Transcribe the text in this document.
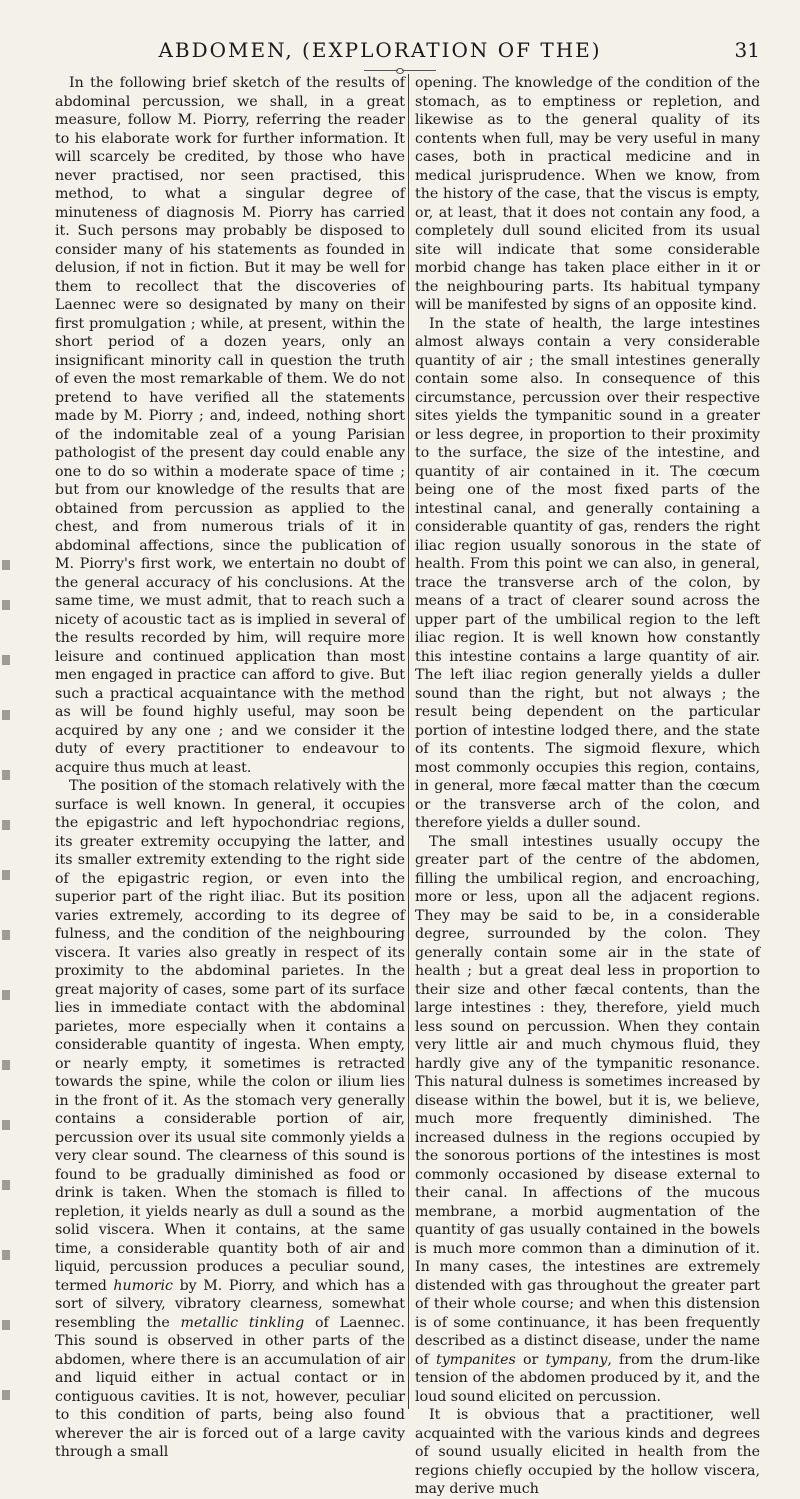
ABDOMEN, (EXPLORATION OF THE)	31

In the following brief sketch of the results of abdominal percussion, we shall, in a great measure, follow M. Piorry, referring the reader to his elaborate work for further information. It will scarcely be credited, by those who have never practised, nor seen practised, this method, to what a singular degree of minuteness of diagnosis M. Piorry has carried it. Such persons may probably be disposed to consider many of his statements as founded in delusion, if not in fiction. But it may be well for them to recollect that the discoveries of Laennec were so designated by many on their first promulgation ; while, at present, within the short period of a dozen years, only an insignificant minority call in question the truth of even the most remarkable of them. We do not pretend to have verified all the statements made by M. Piorry ; and, indeed, nothing short of the indomitable zeal of a young Parisian pathologist of the present day could enable any one to do so within a moderate space of time ; but from our knowledge of the results that are obtained from percussion as applied to the chest, and from numerous trials of it in abdominal affections, since the publication of M. Piorry's first work, we entertain no doubt of the general accuracy of his conclusions. At the same time, we must admit, that to reach such a nicety of acoustic tact as is implied in several of the results recorded by him, will require more leisure and continued application than most men engaged in practice can afford to give. But such a practical acquaintance with the method as will be found highly useful, may soon be acquired by any one ; and we consider it the duty of every practitioner to endeavour to acquire thus much at least.

The position of the stomach relatively with the surface is well known. In general, it occupies the epigastric and left hypochondriac regions, its greater extremity occupying the latter, and its smaller extremity extending to the right side of the epigastric region, or even into the superior part of the right iliac. But its position varies extremely, according to its degree of fulness, and the condition of the neighbouring viscera. It varies also greatly in respect of its proximity to the abdominal parietes. In the great majority of cases, some part of its surface lies in immediate contact with the abdominal parietes, more especially when it contains a considerable quantity of ingesta. When empty, or nearly empty, it sometimes is retracted towards the spine, while the colon or ilium lies in the front of it. As the stomach very generally contains a considerable portion of air, percussion over its usual site commonly yields a very clear sound. The clearness of this sound is found to be gradually diminished as food or drink is taken. When the stomach is filled to repletion, it yields nearly as dull a sound as the solid viscera. When it contains, at the same time, a considerable quantity both of air and liquid, percussion produces a peculiar sound, termed humoric by M. Piorry, and which has a sort of silvery, vibratory clearness, somewhat resembling the metallic tinkling of Laennec. This sound is observed in other parts of the abdomen, where there is an accumulation of air and liquid either in actual contact or in contiguous cavities. It is not, however, peculiar to this condition of parts, being also found wherever the air is forced out of a large cavity through a small

opening. The knowledge of the condition of the stomach, as to emptiness or repletion, and likewise as to the general quality of its contents when full, may be very useful in many cases, both in practical medicine and in medical jurisprudence. When we know, from the history of the case, that the viscus is empty, or, at least, that it does not contain any food, a completely dull sound elicited from its usual site will indicate that some considerable morbid change has taken place either in it or the neighbouring parts. Its habitual tympany will be manifested by signs of an opposite kind.

In the state of health, the large intestines almost always contain a very considerable quantity of air ; the small intestines generally contain some also. In consequence of this circumstance, percussion over their respective sites yields the tympanitic sound in a greater or less degree, in proportion to their proximity to the surface, the size of the intestine, and quantity of air contained in it. The cœcum being one of the most fixed parts of the intestinal canal, and generally containing a considerable quantity of gas, renders the right iliac region usually sonorous in the state of health. From this point we can also, in general, trace the transverse arch of the colon, by means of a tract of clearer sound across the upper part of the umbilical region to the left iliac region. It is well known how constantly this intestine contains a large quantity of air. The left iliac region generally yields a duller sound than the right, but not always ; the result being dependent on the particular portion of intestine lodged there, and the state of its contents. The sigmoid flexure, which most commonly occupies this region, contains, in general, more fæcal matter than the cœcum or the transverse arch of the colon, and therefore yields a duller sound.

The small intestines usually occupy the greater part of the centre of the abdomen, filling the umbilical region, and encroaching, more or less, upon all the adjacent regions. They may be said to be, in a considerable degree, surrounded by the colon. They generally contain some air in the state of health ; but a great deal less in proportion to their size and other fæcal contents, than the large intestines : they, therefore, yield much less sound on percussion. When they contain very little air and much chymous fluid, they hardly give any of the tympanitic resonance. This natural dulness is sometimes increased by disease within the bowel, but it is, we believe, much more frequently diminished. The increased dulness in the regions occupied by the sonorous portions of the intestines is most commonly occasioned by disease external to their canal. In affections of the mucous membrane, a morbid augmentation of the quantity of gas usually contained in the bowels is much more common than a diminution of it. In many cases, the intestines are extremely distended with gas throughout the greater part of their whole course; and when this distension is of some continuance, it has been frequently described as a distinct disease, under the name of tympanites or tympany, from the drum-like tension of the abdomen produced by it, and the loud sound elicited on percussion.

It is obvious that a practitioner, well acquainted with the various kinds and degrees of sound usually elicited in health from the regions chiefly occupied by the hollow viscera, may derive much
